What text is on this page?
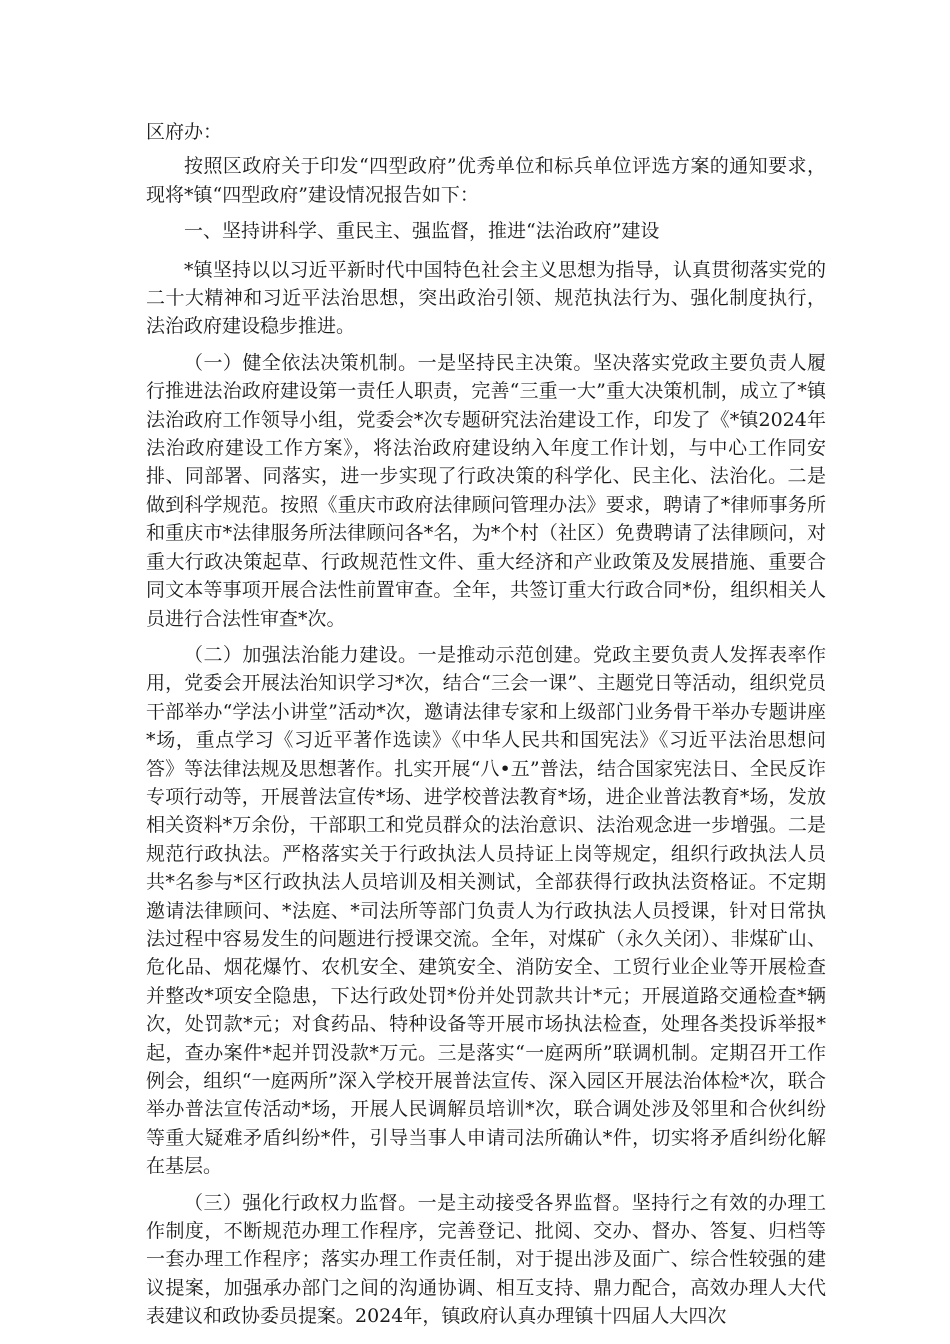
区府办：

按照区政府关于印发“四型政府”优秀单位和标兵单位评选方案的通知要求，现将*镇“四型政府”建设情况报告如下：

一、坚持讲科学、重民主、强监督，推进“法治政府”建设

*镇坚持以以习近平新时代中国特色社会主义思想为指导，认真贯彻落实党的二十大精神和习近平法治思想，突出政治引领、规范执法行为、强化制度执行，法治政府建设稳步推进。

（一）健全依法决策机制。一是坚持民主决策。坚决落实党政主要负责人履行推进法治政府建设第一责任人职责，完善“三重一大”重大决策机制，成立了*镇法治政府工作领导小组，党委会*次专题研究法治建设工作，印发了《*镇2024年法治政府建设工作方案》，将法治政府建设纳入年度工作计划，与中心工作同安排、同部署、同落实，进一步实现了行政决策的科学化、民主化、法治化。二是做到科学规范。按照《重庆市政府法律顾问管理办法》要求，聘请了*律师事务所和重庆市*法律服务所法律顾问各*名，为*个村（社区）免费聘请了法律顾问，对重大行政决策起草、行政规范性文件、重大经济和产业政策及发展措施、重要合同文本等事项开展合法性前置审查。全年，共签订重大行政合同*份，组织相关人员进行合法性审查*次。

（二）加强法治能力建设。一是推动示范创建。党政主要负责人发挥表率作用，党委会开展法治知识学习*次，结合“三会一课”、主题党日等活动，组织党员干部举办“学法小讲堂”活动*次，邀请法律专家和上级部门业务骨干举办专题讲座*场，重点学习《习近平著作选读》《中华人民共和国宪法》《习近平法治思想问答》等法律法规及思想著作。扎实开展“八•五”普法，结合国家宪法日、全民反诈专项行动等，开展普法宣传*场、进学校普法教育*场，进企业普法教育*场，发放相关资料*万余份，干部职工和党员群众的法治意识、法治观念进一步增强。二是规范行政执法。严格落实关于行政执法人员持证上岗等规定，组织行政执法人员共*名参与*区行政执法人员培训及相关测试，全部获得行政执法资格证。不定期邀请法律顾问、*法庭、*司法所等部门负责人为行政执法人员授课，针对日常执法过程中容易发生的问题进行授课交流。全年，对煤矿（永久关闭）、非煤矿山、危化品、烟花爆竹、农机安全、建筑安全、消防安全、工贸行业企业等开展检查并整改*项安全隐患，下达行政处罚*份并处罚款共计*元；开展道路交通检查*辆次，处罚款*元；对食药品、特种设备等开展市场执法检查，处理各类投诉举报*起，查办案件*起并罚没款*万元。三是落实“一庭两所”联调机制。定期召开工作例会，组织“一庭两所”深入学校开展普法宣传、深入园区开展法治体检*次，联合举办普法宣传活动*场，开展人民调解员培训*次，联合调处涉及邻里和合伙纠纷等重大疑难矛盾纠纷*件，引导当事人申请司法所确认*件，切实将矛盾纠纷化解在基层。

（三）强化行政权力监督。一是主动接受各界监督。坚持行之有效的办理工作制度，不断规范办理工作程序，完善登记、批阅、交办、督办、答复、归档等一套办理工作程序；落实办理工作责任制，对于提出涉及面广、综合性较强的建议提案，加强承办部门之间的沟通协调、相互支持、鼎力配合，高效办理人大代表建议和政协委员提案。2024年，镇政府认真办理镇十四届人大四次
